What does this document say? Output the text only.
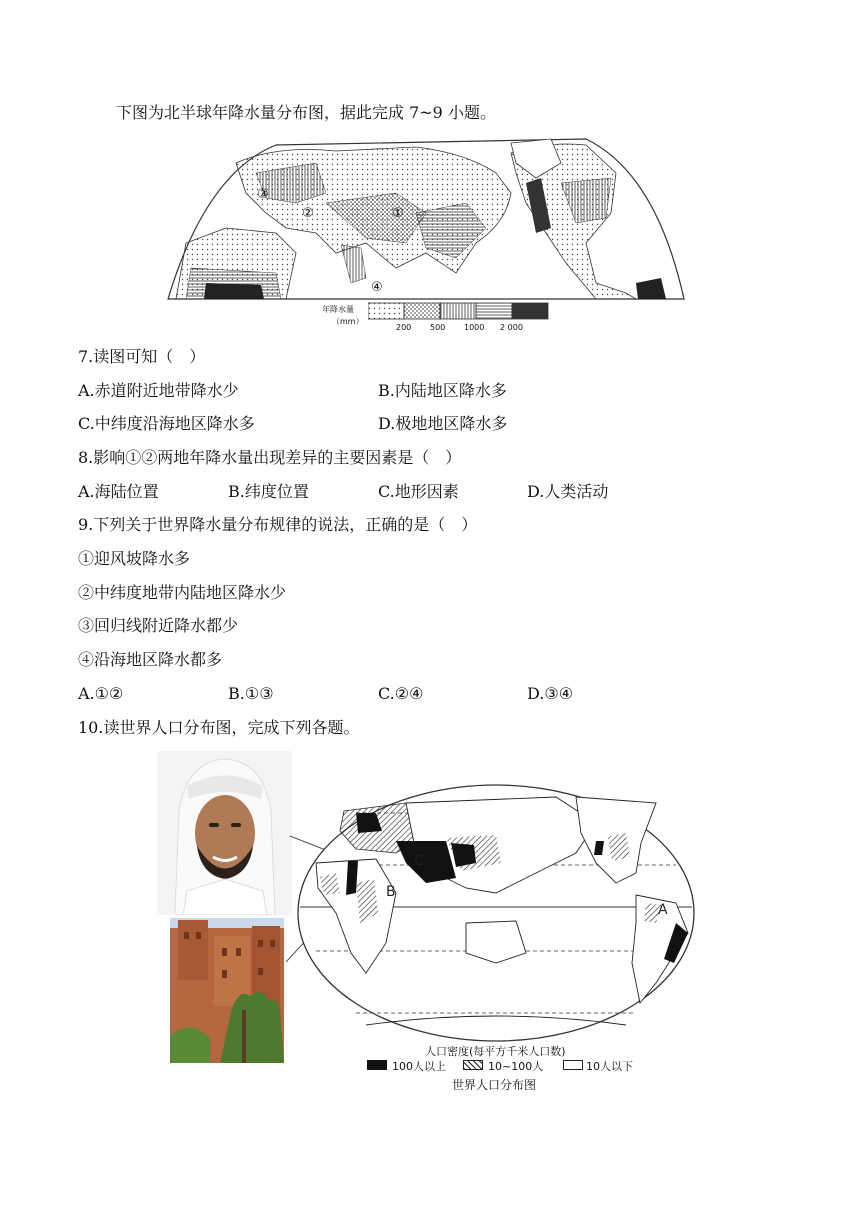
下图为北半球年降水量分布图，据此完成 7~9 小题。
③
②	①
④
年降水量
（mm）
200 500 1000 2 000
7.读图可知（　）
A.赤道附近地带降水少	B.内陆地区降水多
C.中纬度沿海地区降水多	D.极地地区降水多
8.影响①②两地年降水量出现差异的主要因素是（　）
A.海陆位置	B.纬度位置	C.地形因素	D.人类活动
9.下列关于世界降水量分布规律的说法，正确的是（　）
①迎风坡降水多
②中纬度地带内陆地区降水少
③回归线附近降水都少
④沿海地区降水都多
A.①②	B.①③	C.②④	D.③④
10.读世界人口分布图，完成下列各题。
A
B
C
人口密度(每平方千米人口数)
100人以上	10~100人	10人以下
世界人口分布图
